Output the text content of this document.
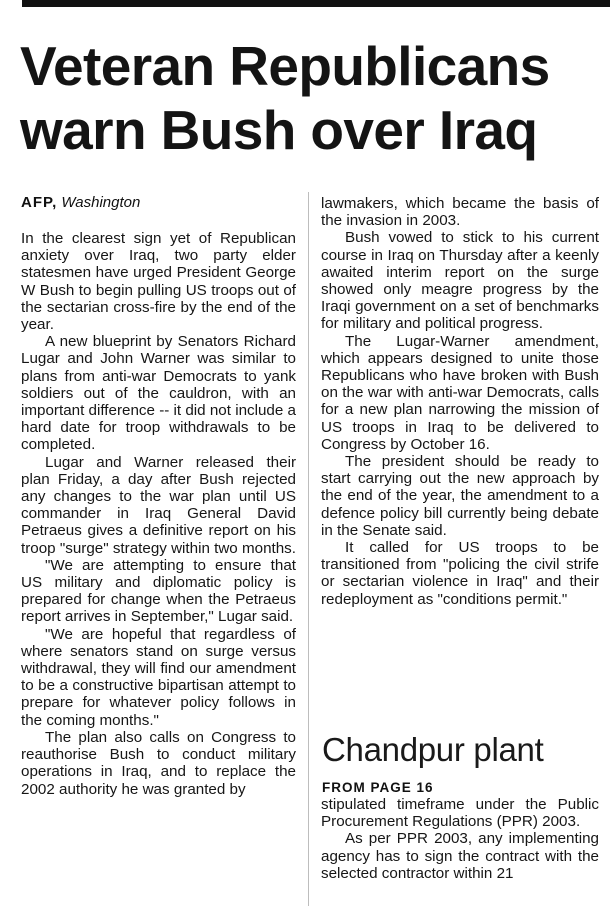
Veteran Republicans
warn Bush over Iraq

AFP, Washington

In the clearest sign yet of Republican anxiety over Iraq, two party elder statesmen have urged President George W Bush to begin pulling US troops out of the sectarian cross-fire by the end of the year.

A new blueprint by Senators Richard Lugar and John Warner was similar to plans from anti-war Democrats to yank soldiers out of the cauldron, with an important difference -- it did not include a hard date for troop withdrawals to be completed.

Lugar and Warner released their plan Friday, a day after Bush rejected any changes to the war plan until US commander in Iraq General David Petraeus gives a definitive report on his troop "surge" strategy within two months.

"We are attempting to ensure that US military and diplomatic policy is prepared for change when the Petraeus report arrives in September," Lugar said.

"We are hopeful that regardless of where senators stand on surge versus withdrawal, they will find our amendment to be a constructive bipartisan attempt to prepare for whatever policy follows in the coming months."

The plan also calls on Congress to reauthorise Bush to conduct military operations in Iraq, and to replace the 2002 authority he was granted by

lawmakers, which became the basis of the invasion in 2003.

Bush vowed to stick to his current course in Iraq on Thursday after a keenly awaited interim report on the surge showed only meagre progress by the Iraqi government on a set of benchmarks for military and political progress.

The Lugar-Warner amendment, which appears designed to unite those Republicans who have broken with Bush on the war with anti-war Democrats, calls for a new plan narrowing the mission of US troops in Iraq to be delivered to Congress by October 16.

The president should be ready to start carrying out the new approach by the end of the year, the amendment to a defence policy bill currently being debate in the Senate said.

It called for US troops to be transitioned from "policing the civil strife or sectarian violence in Iraq" and their redeployment as "conditions permit."

Chandpur plant

FROM PAGE 16

stipulated timeframe under the Public Procurement Regulations (PPR) 2003.

As per PPR 2003, any implementing agency has to sign the contract with the selected contractor within 21
